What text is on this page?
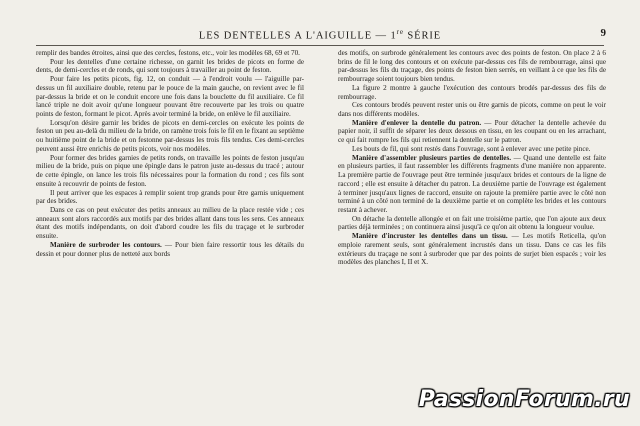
LES DENTELLES A L'AIGUILLE — 1re SÉRIE	9

remplir des bandes étroites, ainsi que des cercles, festons, etc., voir les modèles 68, 69 et 70.

Pour les dentelles d'une certaine richesse, on garnit les brides de picots en forme de dents, de demi-cercles et de ronds, qui sont toujours à travailler au point de feston.

Pour faire les petits picots, fig. 12, on conduit — à l'endroit voulu — l'aiguille par-dessus un fil auxiliaire double, retenu par le pouce de la main gauche, on revient avec le fil par-dessus la bride et on le conduit encore une fois dans la bouclette du fil auxiliaire. Ce fil lancé triple ne doit avoir qu'une longueur pouvant être recouverte par les trois ou quatre points de feston, formant le picot. Après avoir terminé la bride, on enlève le fil auxiliaire.

Lorsqu'on désire garnir les brides de picots en demi-cercles on exécute les points de feston un peu au-delà du milieu de la bride, on ramène trois fois le fil en le fixant au septième ou huitième point de la bride et on festonne par-dessus les trois fils tendus. Ces demi-cercles peuvent aussi être enrichis de petits picots, voir nos modèles.

Pour former des brides garnies de petits ronds, on travaille les points de feston jusqu'au milieu de la bride, puis on pique une épingle dans le patron juste au-dessus du tracé ; autour de cette épingle, on lance les trois fils nécessaires pour la formation du rond ; ces fils sont ensuite à recouvrir de points de feston.

Il peut arriver que les espaces à remplir soient trop grands pour être garnis uniquement par des brides.

Dans ce cas on peut exécuter des petits anneaux au milieu de la place restée vide ; ces anneaux sont alors raccordés aux motifs par des brides allant dans tous les sens. Ces anneaux étant des motifs indépendants, on doit d'abord coudre les fils du traçage et le surbroder ensuite.

Manière de surbroder les contours. — Pour bien faire ressortir tous les détails du dessin et pour donner plus de netteté aux bords

des motifs, on surbrode généralement les contours avec des points de feston. On place 2 à 6 brins de fil le long des contours et on exécute par-dessus ces fils de rembourrage, ainsi que par-dessus les fils du traçage, des points de feston bien serrés, en veillant à ce que les fils de rembourrage soient toujours bien tendus.

La figure 2 montre à gauche l'exécution des contours brodés par-dessus des fils de rembourrage.

Ces contours brodés peuvent rester unis ou être garnis de picots, comme on peut le voir dans nos différents modèles.

Manière d'enlever la dentelle du patron. — Pour détacher la dentelle achevée du papier noir, il suffit de séparer les deux dessous en tissu, en les coupant ou en les arrachant, ce qui fait rompre les fils qui retiennent la dentelle sur le patron.

Les bouts de fil, qui sont restés dans l'ouvrage, sont à enlever avec une petite pince.

Manière d'assembler plusieurs parties de dentelles. — Quand une dentelle est faite en plusieurs parties, il faut rassembler les différents fragments d'une manière non apparente. La première partie de l'ouvrage peut être terminée jusqu'aux brides et contours de la ligne de raccord ; elle est ensuite à détacher du patron. La deuxième partie de l'ouvrage est également à terminer jusqu'aux lignes de raccord, ensuite on rajoute la première partie avec le côté non terminé à un côté non terminé de la deuxième partie et on complète les brides et les contours restant à achever.

On détache la dentelle allongée et on fait une troisième partie, que l'on ajoute aux deux parties déjà terminées ; on continuera ainsi jusqu'à ce qu'on ait obtenu la longueur voulue.

Manière d'incruster les dentelles dans un tissu. — Les motifs Reticella, qu'on emploie rarement seuls, sont généralement incrustés dans un tissu. Dans ce cas les fils extérieurs du traçage ne sont à surbroder que par des points de surjet bien espacés ; voir les modèles des planches I, II et X.

PassionForum.ru
